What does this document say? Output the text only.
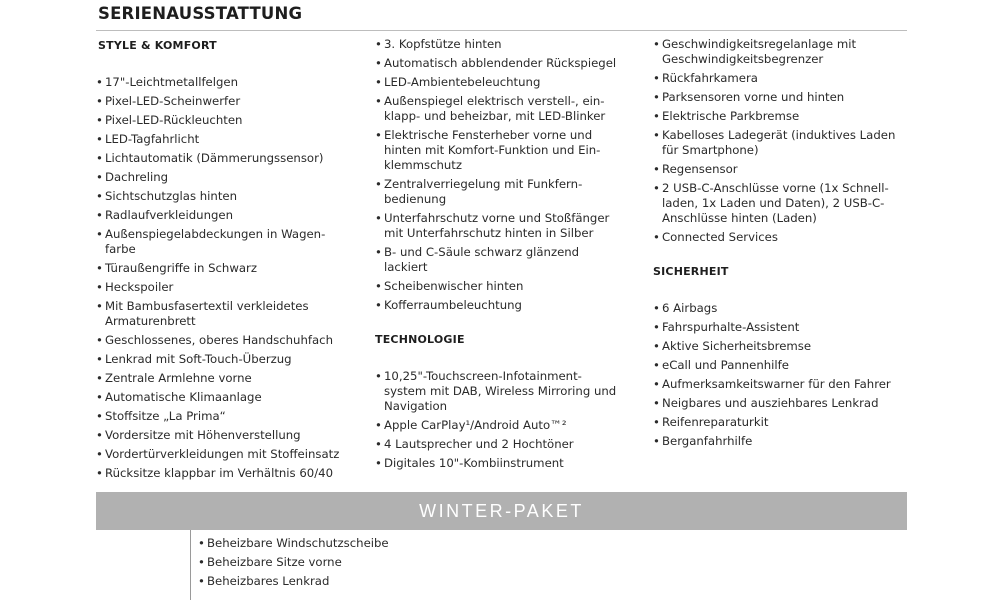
SERIENAUSSTATTUNG
STYLE & KOMFORT
• 17"-Leichtmetallfelgen
• Pixel-LED-Scheinwerfer
• Pixel-LED-Rückleuchten
• LED-Tagfahrlicht
• Lichtautomatik (Dämmerungssensor)
• Dachreling
• Sichtschutzglas hinten
• Radlaufverkleidungen
• Außenspiegelabdeckungen in Wagen-
farbe
• Türaußengriffe in Schwarz
• Heckspoiler
• Mit Bambusfasertextil verkleidetes
Armaturenbrett
• Geschlossenes, oberes Handschuhfach
• Lenkrad mit Soft-Touch-Überzug
• Zentrale Armlehne vorne
• Automatische Klimaanlage
• Stoffsitze „La Prima“
• Vordersitze mit Höhenverstellung
• Vordertürverkleidungen mit Stoffeinsatz
• Rücksitze klappbar im Verhältnis 60/40
• 3. Kopfstütze hinten
• Automatisch abblendender Rückspiegel
• LED-Ambientebeleuchtung
• Außenspiegel elektrisch verstell-, ein-
klapp- und beheizbar, mit LED-Blinker
• Elektrische Fensterheber vorne und
hinten mit Komfort-Funktion und Ein-
klemmschutz
• Zentralverriegelung mit Funkfern-
bedienung
• Unterfahrschutz vorne und Stoßfänger
mit Unterfahrschutz hinten in Silber
• B- und C-Säule schwarz glänzend
lackiert
• Scheibenwischer hinten
• Kofferraumbeleuchtung
TECHNOLOGIE
• 10,25"-Touchscreen-Infotainment-
system mit DAB, Wireless Mirroring und
Navigation
• Apple CarPlay¹/Android Auto™²
• 4 Lautsprecher und 2 Hochtöner
• Digitales 10"-Kombiinstrument
• Geschwindigkeitsregelanlage mit
Geschwindigkeitsbegrenzer
• Rückfahrkamera
• Parksensoren vorne und hinten
• Elektrische Parkbremse
• Kabelloses Ladegerät (induktives Laden
für Smartphone)
• Regensensor
• 2 USB-C-Anschlüsse vorne (1x Schnell-
laden, 1x Laden und Daten), 2 USB-C-
Anschlüsse hinten (Laden)
• Connected Services
SICHERHEIT
• 6 Airbags
• Fahrspurhalte-Assistent
• Aktive Sicherheitsbremse
• eCall und Pannenhilfe
• Aufmerksamkeitswarner für den Fahrer
• Neigbares und ausziehbares Lenkrad
• Reifenreparaturkit
• Berganfahrhilfe
WINTER-PAKET
• Beheizbare Windschutzscheibe
• Beheizbare Sitze vorne
• Beheizbares Lenkrad
